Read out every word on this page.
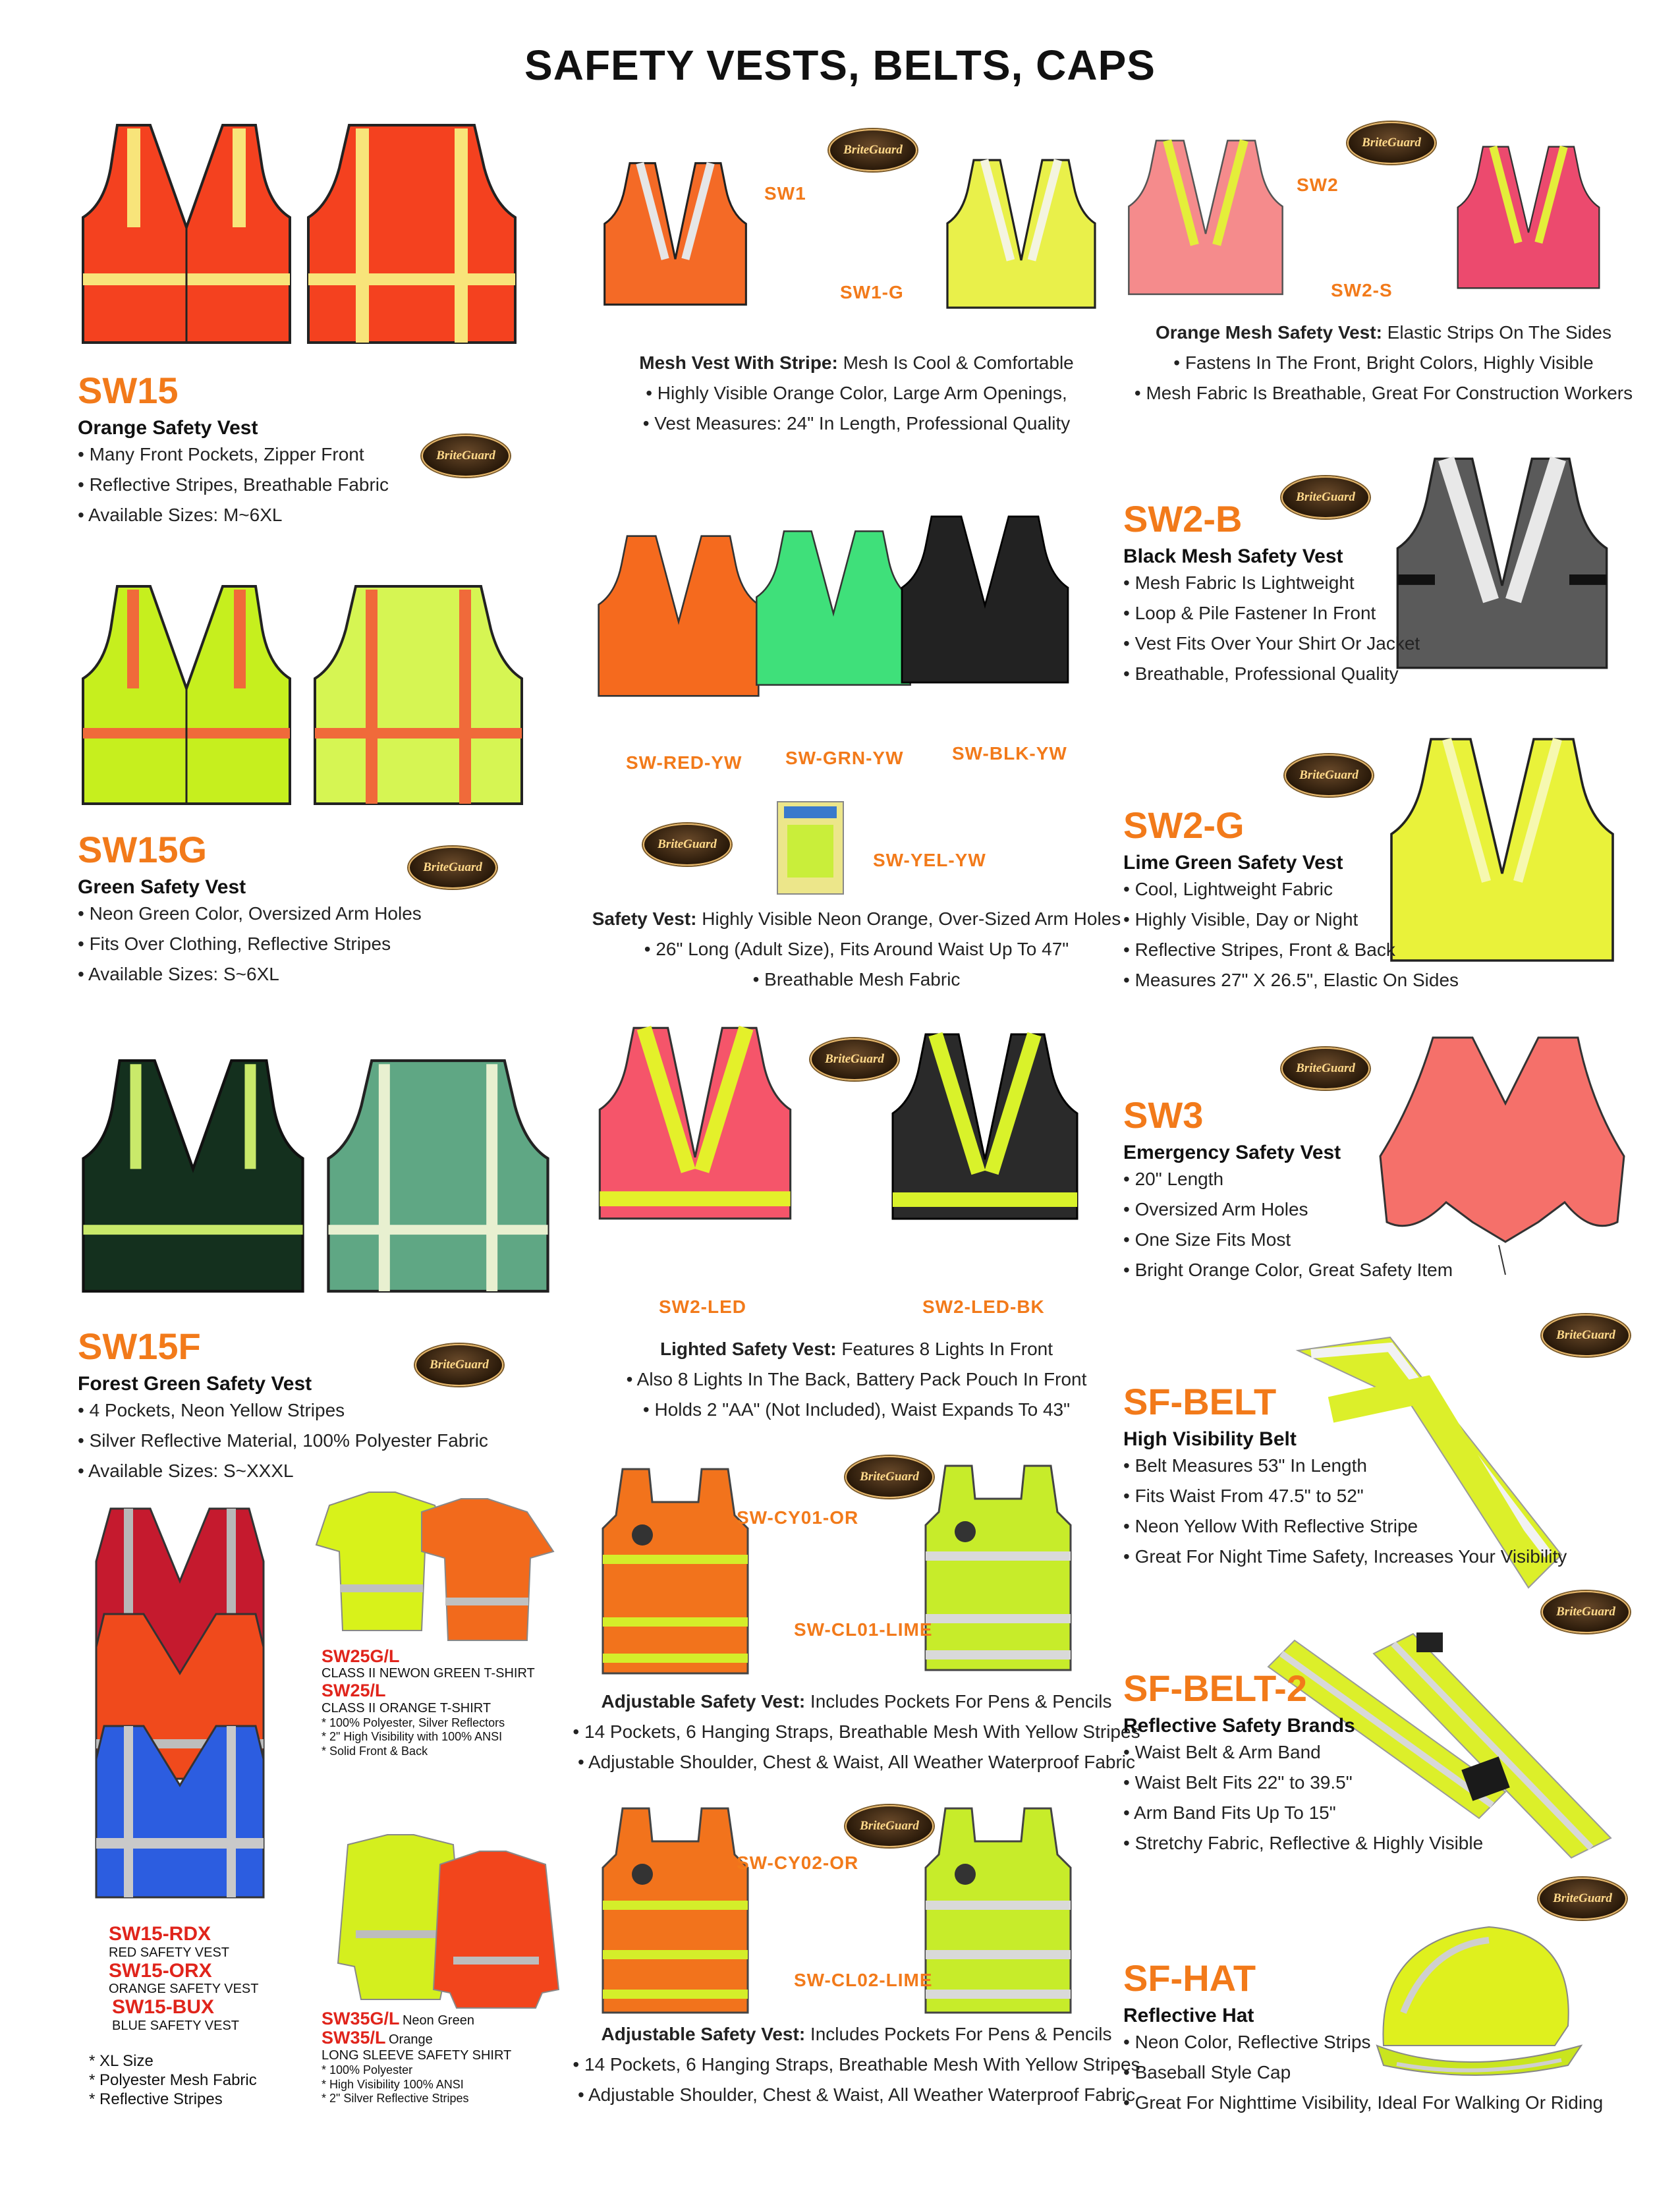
SAFETY VESTS, BELTS, CAPS
SW15
Orange Safety Vest
• Many Front Pockets, Zipper Front
• Reflective Stripes, Breathable Fabric
• Available Sizes: M~6XL
BriteGuard
SW15G
Green Safety Vest
• Neon Green Color, Oversized Arm Holes
• Fits Over Clothing, Reflective Stripes
• Available Sizes: S~6XL
BriteGuard
SW15F
Forest Green Safety Vest
• 4 Pockets, Neon Yellow Stripes
• Silver Reflective Material, 100% Polyester Fabric
• Available Sizes: S~XXXL
BriteGuard
SW15-RDX
RED SAFETY VEST
SW15-ORX
ORANGE SAFETY VEST
SW15-BUX
BLUE SAFETY VEST
* XL Size
* Polyester Mesh Fabric
* Reflective Stripes
SW25G/L
CLASS II NEWON GREEN T-SHIRT
SW25/L
CLASS II ORANGE T-SHIRT
* 100% Polyester, Silver Reflectors
* 2" High Visibility with 100% ANSI
* Solid Front & Back
SW35G/L Neon Green
SW35/L Orange
LONG SLEEVE SAFETY SHIRT
* 100% Polyester
* High Visibility 100% ANSI
* 2" Silver Reflective Stripes
BriteGuard
SW1
SW1-G
Mesh Vest With Stripe: Mesh Is Cool & Comfortable
• Highly Visible Orange Color, Large Arm Openings,
• Vest Measures: 24" In Length, Professional Quality
SW-RED-YW SW-GRN-YW	SW-BLK-YW
BriteGuard
SW-YEL-YW
Safety Vest: Highly Visible Neon Orange, Over-Sized Arm Holes
• 26" Long (Adult Size), Fits Around Waist Up To 47"
• Breathable Mesh Fabric
BriteGuard
SW2-LED	SW2-LED-BK
Lighted Safety Vest: Features 8 Lights In Front
• Also 8 Lights In The Back, Battery Pack Pouch In Front
• Holds 2 "AA" (Not Included), Waist Expands To 43"
BriteGuard
SW-CY01-OR
SW-CL01-LIME
Adjustable Safety Vest: Includes Pockets For Pens & Pencils
• 14 Pockets, 6 Hanging Straps, Breathable Mesh With Yellow Stripes
• Adjustable Shoulder, Chest & Waist, All Weather Waterproof Fabric
BriteGuard
SW-CY02-OR
SW-CL02-LIME
Adjustable Safety Vest: Includes Pockets For Pens & Pencils
• 14 Pockets, 6 Hanging Straps, Breathable Mesh With Yellow Stripes
• Adjustable Shoulder, Chest & Waist, All Weather Waterproof Fabric
SW2
BriteGuard
SW2-S
Orange Mesh Safety Vest: Elastic Strips On The Sides
• Fastens In The Front, Bright Colors, Highly Visible
• Mesh Fabric Is Breathable, Great For Construction Workers
BriteGuard
SW2-B
Black Mesh Safety Vest
• Mesh Fabric Is Lightweight
• Loop & Pile Fastener In Front
• Vest Fits Over Your Shirt Or Jacket
• Breathable, Professional Quality
BriteGuard
SW2-G
Lime Green Safety Vest
• Cool, Lightweight Fabric
• Highly Visible, Day or Night
• Reflective Stripes, Front & Back
• Measures 27" X 26.5", Elastic On Sides
BriteGuard
SW3
Emergency Safety Vest
• 20" Length
• Oversized Arm Holes
• One Size Fits Most
• Bright Orange Color, Great Safety Item
BriteGuard
SF-BELT
High Visibility Belt
• Belt Measures 53" In Length
• Fits Waist From 47.5" to 52"
• Neon Yellow With Reflective Stripe
• Great For Night Time Safety, Increases Your Visibility
BriteGuard
SF-BELT-2
Reflective Safety Brands
• Waist Belt & Arm Band
• Waist Belt Fits 22" to 39.5"
• Arm Band Fits Up To 15"
• Stretchy Fabric, Reflective & Highly Visible
BriteGuard
SF-HAT
Reflective Hat
• Neon Color, Reflective Strips
• Baseball Style Cap
• Great For Nighttime Visibility, Ideal For Walking Or Riding
